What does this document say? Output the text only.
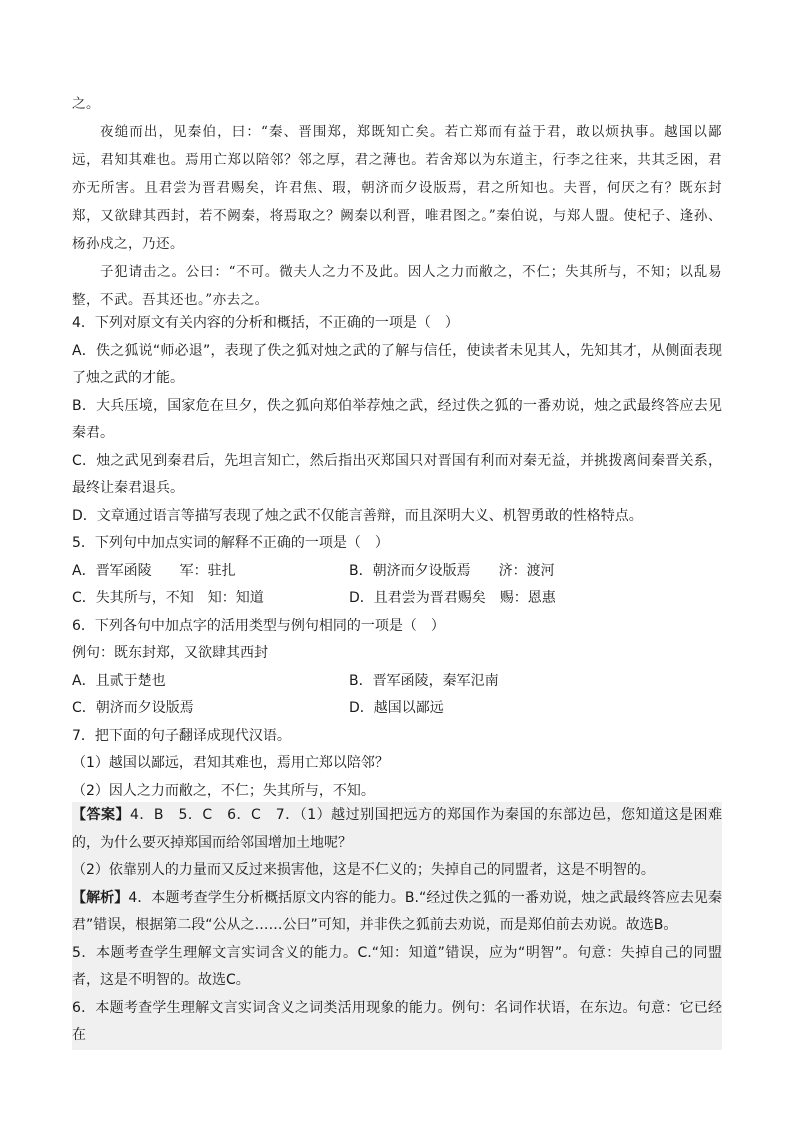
之。

夜缒而出，见秦伯，曰：“秦、晋围郑，郑既知亡矣。若亡郑而有益于君，敢以烦执事。越国以鄙远，君知其难也。焉用亡郑以陪邻？邻之厚，君之薄也。若舍郑以为东道主，行李之往来，共其乏困，君亦无所害。且君尝为晋君赐矣，许君焦、瑕，朝济而夕设版焉，君之所知也。夫晋，何厌之有？既东封郑，又欲肆其西封，若不阙秦，将焉取之？阙秦以利晋，唯君图之。”秦伯说，与郑人盟。使杞子、逢孙、杨孙戍之，乃还。

子犯请击之。公曰：“不可。微夫人之力不及此。因人之力而敝之，不仁；失其所与，不知；以乱易整，不武。吾其还也。”亦去之。

4．下列对原文有关内容的分析和概括，不正确的一项是（　）

A．佚之狐说“师必退”，表现了佚之狐对烛之武的了解与信任，使读者未见其人，先知其才，从侧面表现了烛之武的才能。

B．大兵压境，国家危在旦夕，佚之狐向郑伯举荐烛之武，经过佚之狐的一番劝说，烛之武最终答应去见秦君。

C．烛之武见到秦君后，先坦言知亡，然后指出灭郑国只对晋国有利而对秦无益，并挑拨离间秦晋关系，最终让秦君退兵。

D．文章通过语言等描写表现了烛之武不仅能言善辩，而且深明大义、机智勇敢的性格特点。

5．下列句中加点实词的解释不正确的一项是（　）

A．晋军函陵　　军：驻扎	B．朝济而夕设版焉　　济：渡河
C．失其所与，不知　知：知道	D．且君尝为晋君赐矣　赐：恩惠

6．下列各句中加点字的活用类型与例句相同的一项是（　）

例句：既东封郑，又欲肆其西封

A．且贰于楚也	B．晋军函陵，秦军氾南
C．朝济而夕设版焉	D．越国以鄙远

7．把下面的句子翻译成现代汉语。

（1）越国以鄙远，君知其难也，焉用亡郑以陪邻？

（2）因人之力而敝之，不仁；失其所与，不知。

【答案】4．B　5．C　6．C　7．（1）越过别国把远方的郑国作为秦国的东部边邑，您知道这是困难的，为什么要灭掉郑国而给邻国增加土地呢？

（2）依靠别人的力量而又反过来损害他，这是不仁义的；失掉自己的同盟者，这是不明智的。

【解析】4．本题考查学生分析概括原文内容的能力。B.“经过佚之狐的一番劝说，烛之武最终答应去见秦君”错误，根据第二段“公从之……公曰”可知，并非佚之狐前去劝说，而是郑伯前去劝说。故选B。

5．本题考查学生理解文言实词含义的能力。C.“知：知道”错误，应为“明智”。句意：失掉自己的同盟者，这是不明智的。故选C。

6．本题考查学生理解文言实词含义之词类活用现象的能力。例句：名词作状语，在东边。句意：它已经在
